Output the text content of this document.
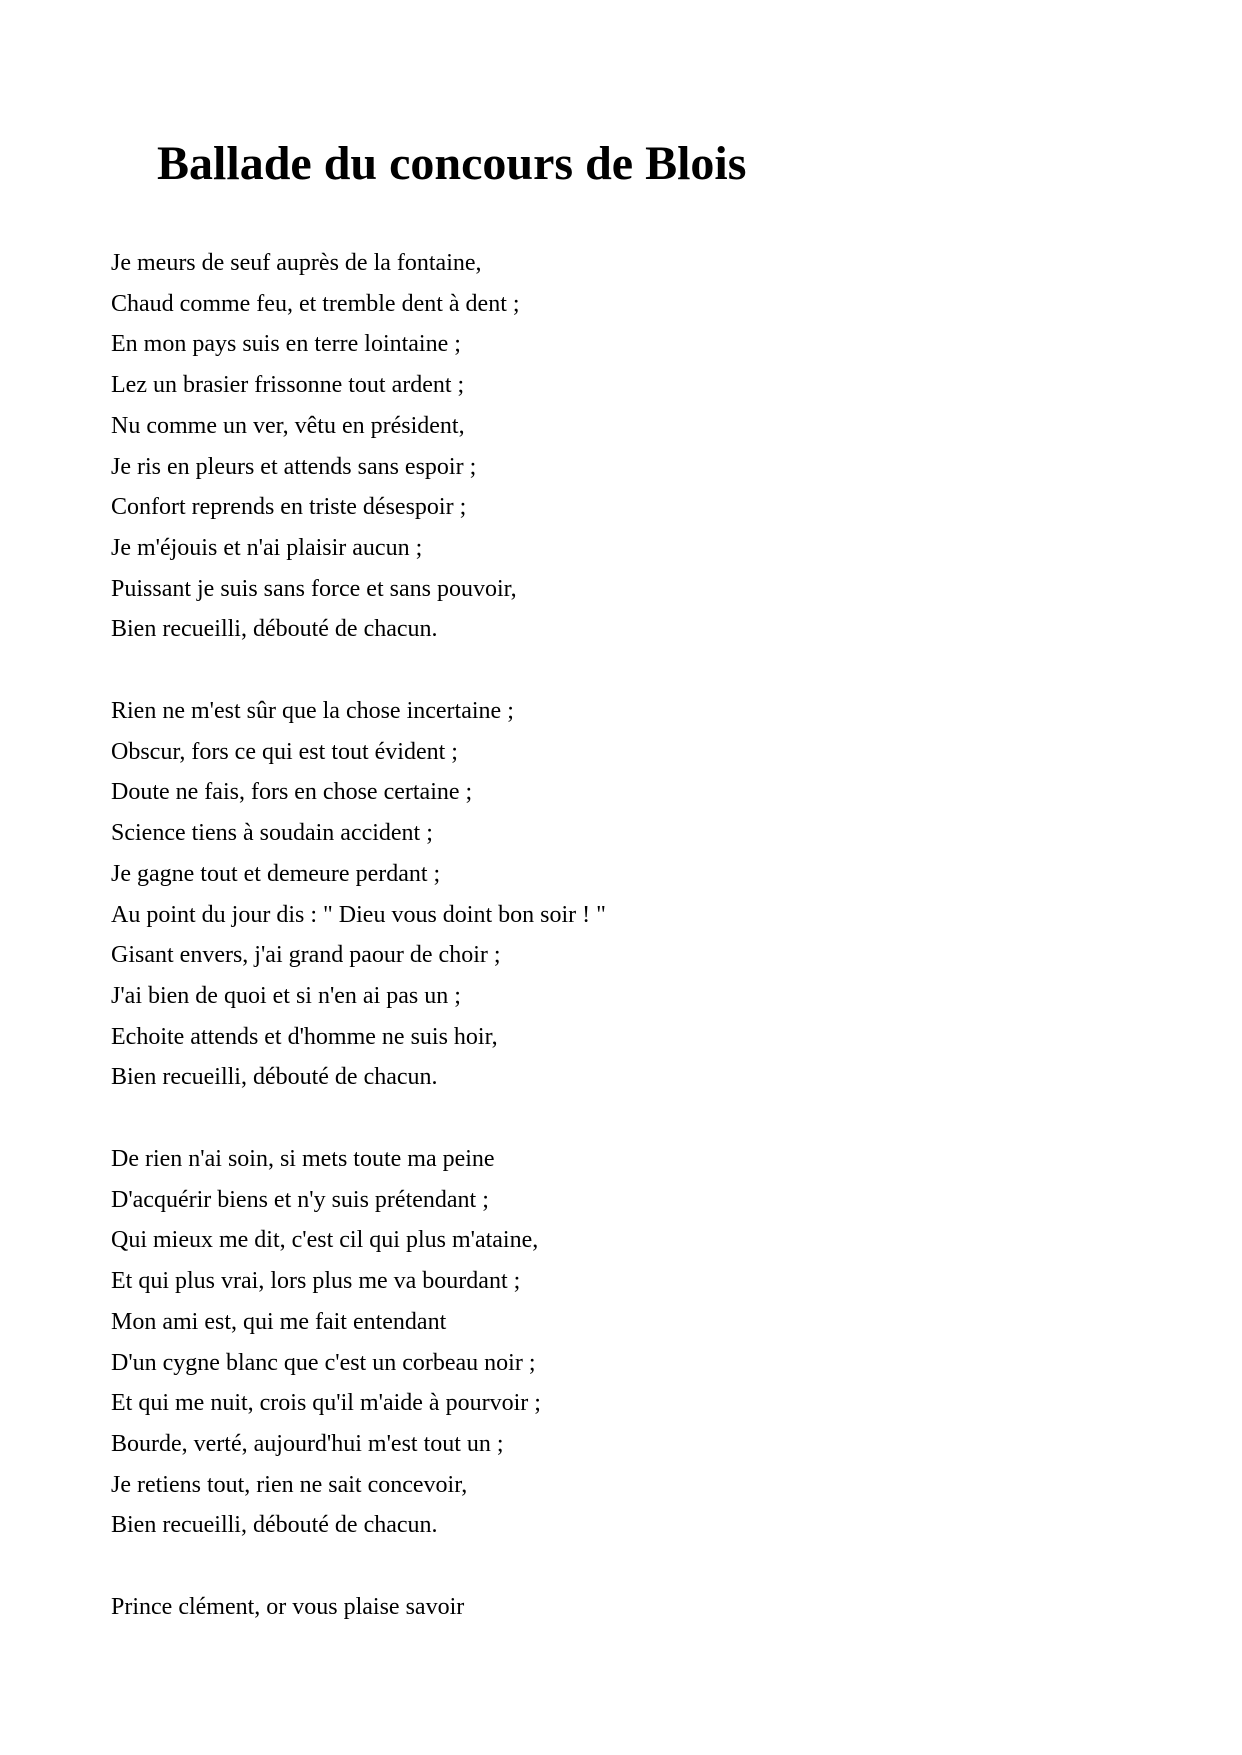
Ballade du concours de Blois
Je meurs de seuf auprès de la fontaine,
Chaud comme feu, et tremble dent à dent ;
En mon pays suis en terre lointaine ;
Lez un brasier frissonne tout ardent ;
Nu comme un ver, vêtu en président,
Je ris en pleurs et attends sans espoir ;
Confort reprends en triste désespoir ;
Je m'éjouis et n'ai plaisir aucun ;
Puissant je suis sans force et sans pouvoir,
Bien recueilli, débouté de chacun.
Rien ne m'est sûr que la chose incertaine ;
Obscur, fors ce qui est tout évident ;
Doute ne fais, fors en chose certaine ;
Science tiens à soudain accident ;
Je gagne tout et demeure perdant ;
Au point du jour dis : " Dieu vous doint bon soir ! "
Gisant envers, j'ai grand paour de choir ;
J'ai bien de quoi et si n'en ai pas un ;
Echoite attends et d'homme ne suis hoir,
Bien recueilli, débouté de chacun.
De rien n'ai soin, si mets toute ma peine
D'acquérir biens et n'y suis prétendant ;
Qui mieux me dit, c'est cil qui plus m'ataine,
Et qui plus vrai, lors plus me va bourdant ;
Mon ami est, qui me fait entendant
D'un cygne blanc que c'est un corbeau noir ;
Et qui me nuit, crois qu'il m'aide à pourvoir ;
Bourde, verté, aujourd'hui m'est tout un ;
Je retiens tout, rien ne sait concevoir,
Bien recueilli, débouté de chacun.
Prince clément, or vous plaise savoir
